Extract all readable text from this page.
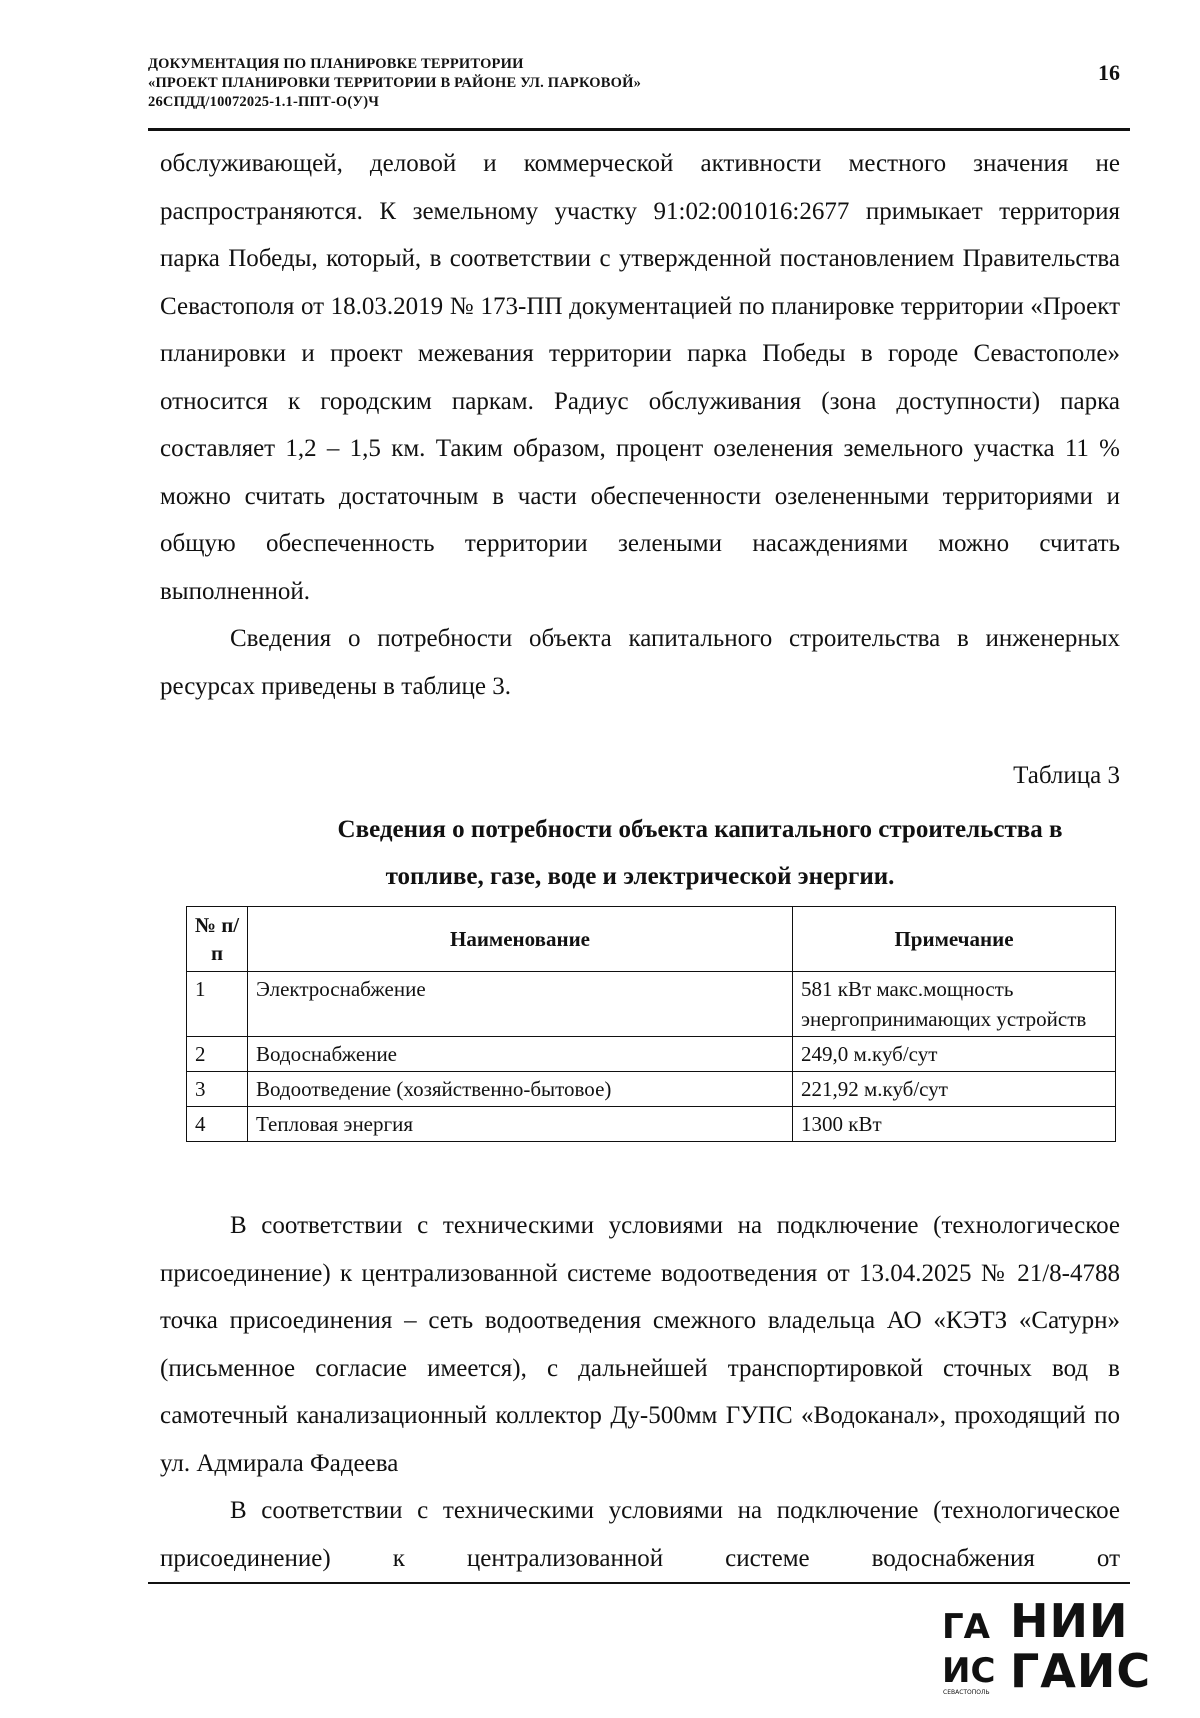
ДОКУМЕНТАЦИЯ ПО ПЛАНИРОВКЕ ТЕРРИТОРИИ
«ПРОЕКТ ПЛАНИРОВКИ ТЕРРИТОРИИ В РАЙОНЕ УЛ. ПАРКОВОЙ»
26СПДД/10072025-1.1-ППТ-О(У)Ч
16

обслуживающей, деловой и коммерческой активности местного значения не распространяются. К земельному участку 91:02:001016:2677 примыкает территория парка Победы, который, в соответствии с утвержденной постановлением Правительства Севастополя от 18.03.2019 № 173-ПП документацией по планировке территории «Проект планировки и проект межевания территории парка Победы в городе Севастополе» относится к городским паркам. Радиус обслуживания (зона доступности) парка составляет 1,2 – 1,5 км. Таким образом, процент озеленения земельного участка 11 % можно считать достаточным в части обеспеченности озелененными территориями и общую обеспеченность территории зелеными насаждениями можно считать выполненной.

Сведения о потребности объекта капитального строительства в инженерных ресурсах приведены в таблице 3.

Таблица 3
Сведения о потребности объекта капитального строительства в
топливе, газе, воде и электрической энергии.
№ п/п	Наименование	Примечание
1	Электроснабжение	581 кВт макс.мощность энергопринимающих устройств
2	Водоснабжение	249,0 м.куб/сут
3	Водоотведение (хозяйственно-бытовое)	221,92 м.куб/сут
4	Тепловая энергия	1300 кВт

В соответствии с техническими условиями на подключение (технологическое присоединение) к централизованной системе водоотведения от 13.04.2025 № 21/8-4788 точка присоединения – сеть водоотведения смежного владельца АО «КЭТЗ «Сатурн» (письменное согласие имеется), с дальнейшей транспортировкой сточных вод в самотечный канализационный коллектор Ду-500мм ГУПС «Водоканал», проходящий по ул. Адмирала Фадеева

В соответствии с техническими условиями на подключение (технологическое присоединение) к централизованной системе водоснабжения от

ГА
ИС
СЕВАСТОПОЛЬ
НИИ
ГАИС
